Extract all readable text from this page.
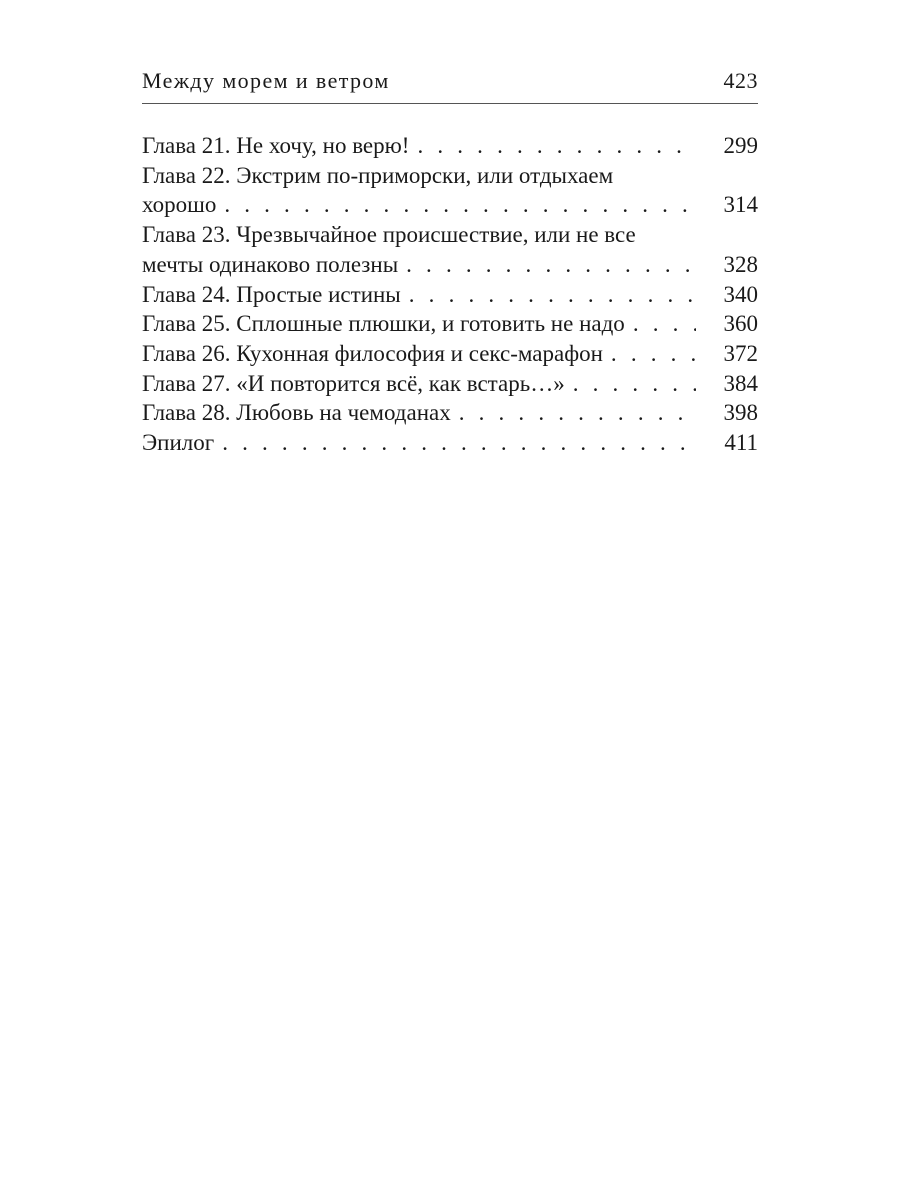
Между морем и ветром	423
Глава 21. Не хочу, но верю! . . .	299
Глава 22. Экстрим по-приморски, или отдыхаем
хорошо . . .	314
Глава 23. Чрезвычайное происшествие, или не все
мечты одинаково полезны . . .	328
Глава 24. Простые истины . . .	340
Глава 25. Сплошные плюшки, и готовить не надо . . .	360
Глава 26. Кухонная философия и секс-марафон . . .	372
Глава 27. «И повторится всё, как встарь…» . . .	384
Глава 28. Любовь на чемоданах . . .	398
Эпилог . . .	411
